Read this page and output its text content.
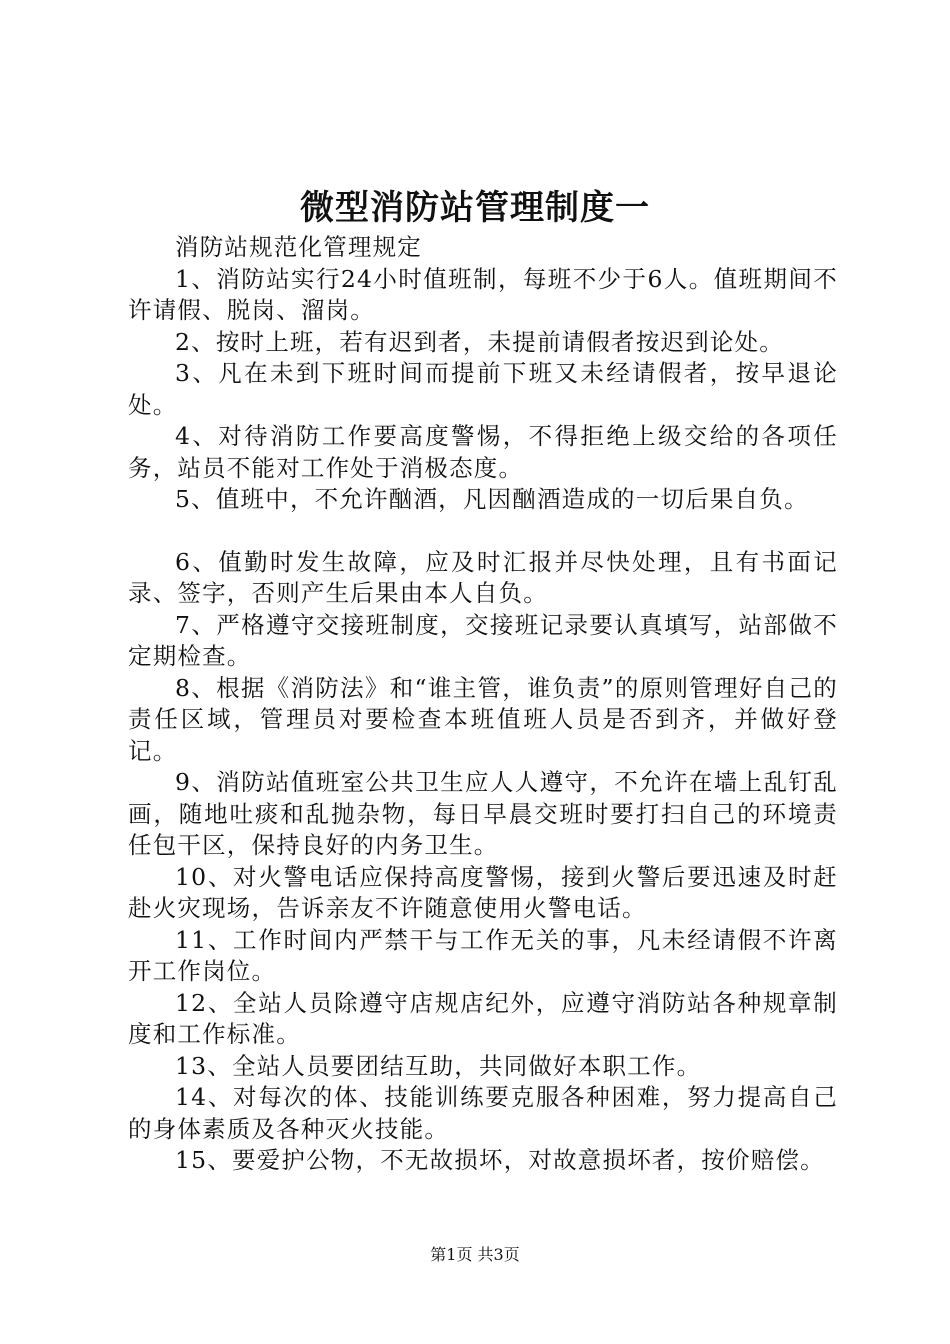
微型消防站管理制度一

消防站规范化管理规定

1、消防站实行24小时值班制，每班不少于6人。值班期间不许请假、脱岗、溜岗。

2、按时上班，若有迟到者，未提前请假者按迟到论处。

3、凡在未到下班时间而提前下班又未经请假者，按早退论处。

4、对待消防工作要高度警惕，不得拒绝上级交给的各项任务，站员不能对工作处于消极态度。

5、值班中，不允许酗酒，凡因酗酒造成的一切后果自负。

6、值勤时发生故障，应及时汇报并尽快处理，且有书面记录、签字，否则产生后果由本人自负。

7、严格遵守交接班制度，交接班记录要认真填写，站部做不定期检查。

8、根据《消防法》和“谁主管，谁负责”的原则管理好自己的责任区域，管理员对要检查本班值班人员是否到齐，并做好登记。

9、消防站值班室公共卫生应人人遵守，不允许在墙上乱钉乱画，随地吐痰和乱抛杂物，每日早晨交班时要打扫自己的环境责任包干区，保持良好的内务卫生。

10、对火警电话应保持高度警惕，接到火警后要迅速及时赶赴火灾现场，告诉亲友不许随意使用火警电话。

11、工作时间内严禁干与工作无关的事，凡未经请假不许离开工作岗位。

12、全站人员除遵守店规店纪外，应遵守消防站各种规章制度和工作标准。

13、全站人员要团结互助，共同做好本职工作。

14、对每次的体、技能训练要克服各种困难，努力提高自己的身体素质及各种灭火技能。

15、要爱护公物，不无故损坏，对故意损坏者，按价赔偿。

第1页 共3页
